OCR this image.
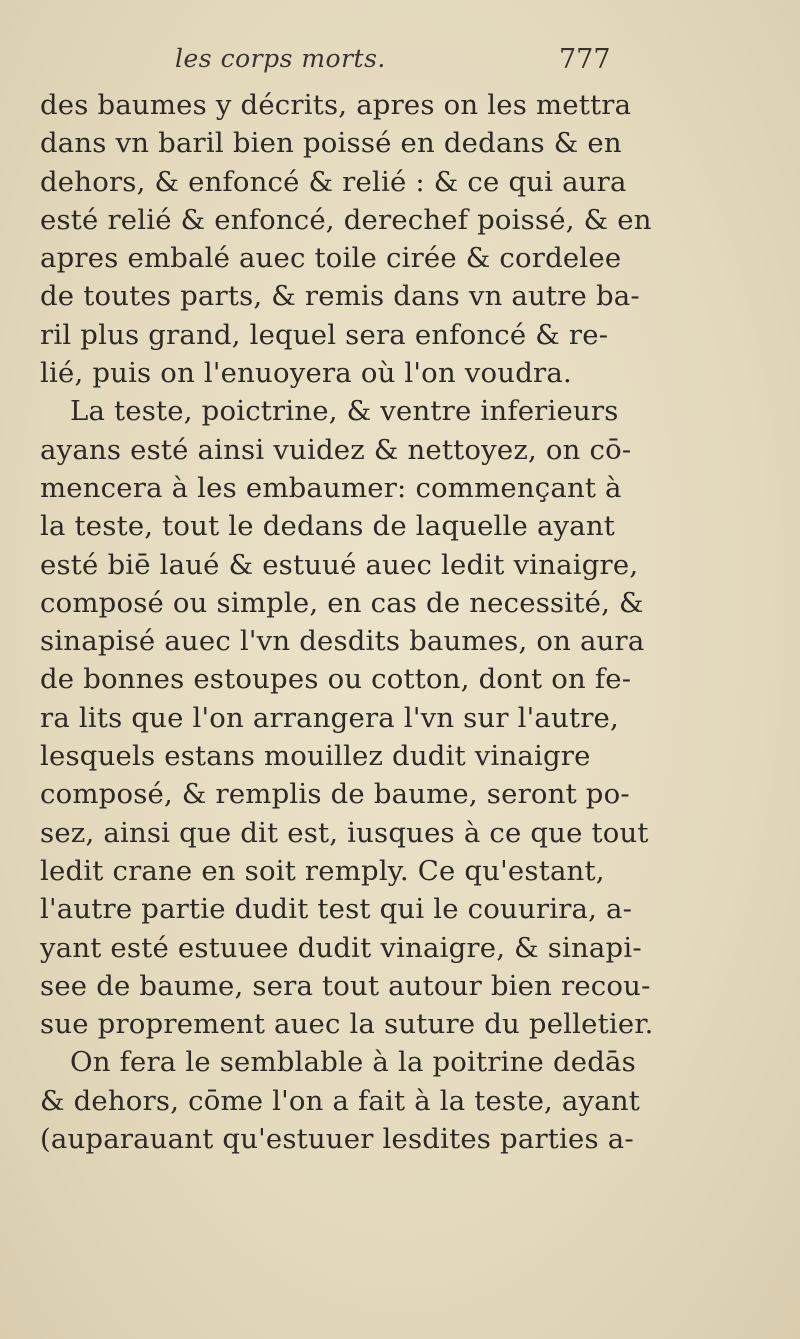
les corps morts.	777
des baumes y décrits, apres on les mettra
dans vn baril bien poissé en dedans & en
dehors, & enfoncé & relié : & ce qui aura
esté relié & enfoncé, derechef poissé, & en
apres embalé auec toile cirée & cordelee
de toutes parts, & remis dans vn autre ba-
ril plus grand, lequel sera enfoncé & re-
lié, puis on l'enuoyera où l'on voudra.
La teste, poictrine, & ventre inferieurs
ayans esté ainsi vuidez & nettoyez, on cō-
mencera à les embaumer: commençant à
la teste, tout le dedans de laquelle ayant
esté biē laué & estuué auec ledit vinaigre,
composé ou simple, en cas de necessité, &
sinapisé auec l'vn desdits baumes, on aura
de bonnes estoupes ou cotton, dont on fe-
ra lits que l'on arrangera l'vn sur l'autre,
lesquels estans mouillez dudit vinaigre
composé, & remplis de baume, seront po-
sez, ainsi que dit est, iusques à ce que tout
ledit crane en soit remply. Ce qu'estant,
l'autre partie dudit test qui le couurira, a-
yant esté estuuee dudit vinaigre, & sinapi-
see de baume, sera tout autour bien recou-
sue proprement auec la suture du pelletier.
On fera le semblable à la poitrine dedās
& dehors, cōme l'on a fait à la teste, ayant
(auparauant qu'estuuer lesdites parties a-
